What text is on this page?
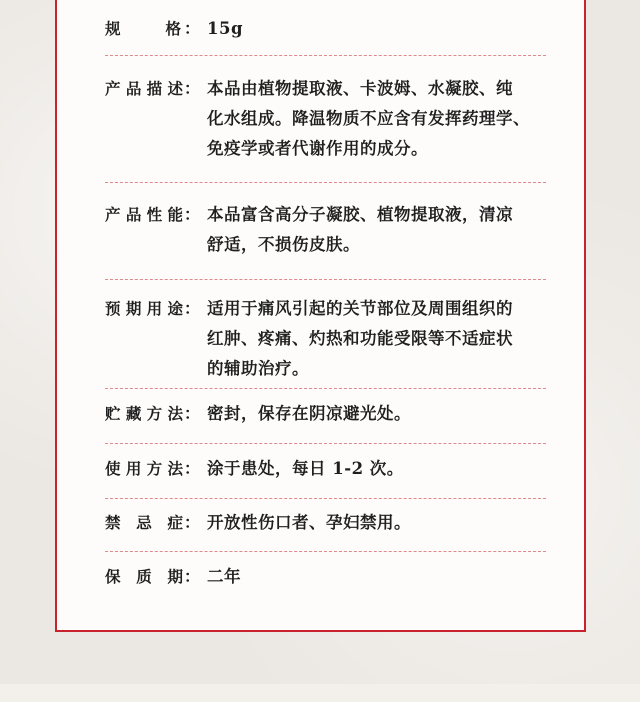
规	格 ： 15g
产 品 描 述 ： 本品由植物提取液、卡波姆、水凝胶、纯
化水组成。降温物质不应含有发挥药理学、
免疫学或者代谢作用的成分。
产 品 性 能 ： 本品富含高分子凝胶、植物提取液，清凉
舒适，不损伤皮肤。
预 期 用 途 ： 适用于痛风引起的关节部位及周围组织的
红肿、疼痛、灼热和功能受限等不适症状
的辅助治疗。
贮 藏 方 法 ： 密封，保存在阴凉避光处。
使 用 方 法 ： 涂于患处，每日 1-2 次。
禁 忌 症 ： 开放性伤口者、孕妇禁用。
保 质 期 ： 二年
